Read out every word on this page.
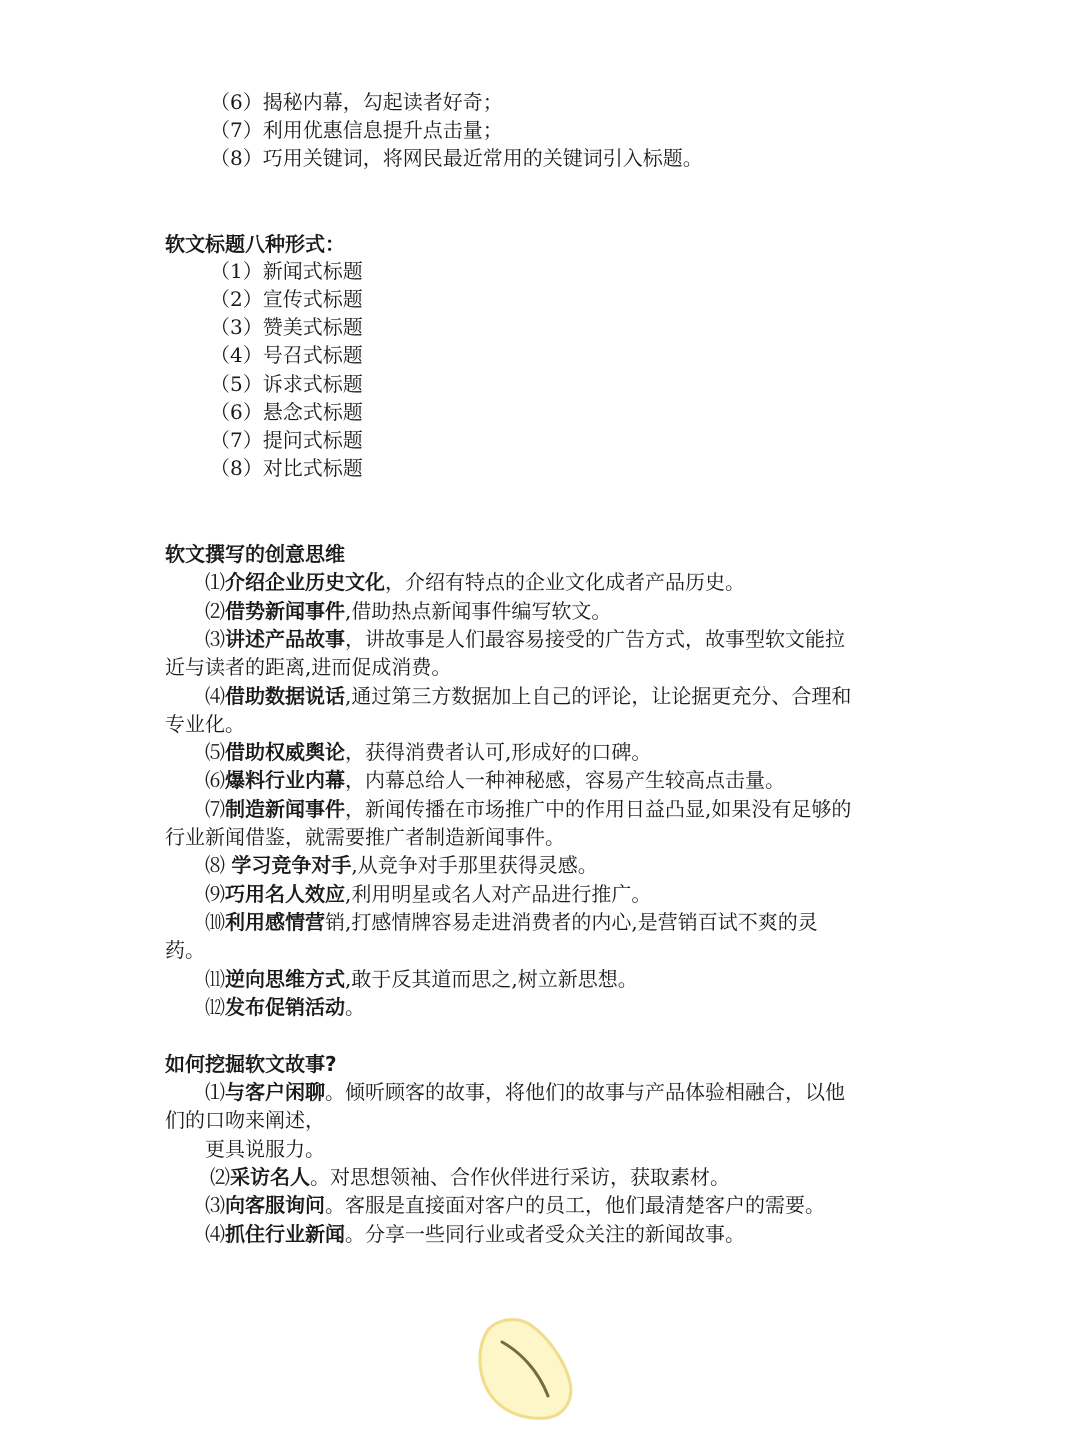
（6）揭秘内幕，勾起读者好奇；
（7）利用优惠信息提升点击量；
（8）巧用关键词，将网民最近常用的关键词引入标题。
软文标题八种形式：
（1）新闻式标题
（2）宣传式标题
（3）赞美式标题
（4）号召式标题
（5）诉求式标题
（6）悬念式标题
（7）提问式标题
（8）对比式标题
软文撰写的创意思维
⑴介绍企业历史文化，介绍有特点的企业文化成者产品历史。
⑵借势新闻事件,借助热点新闻事件编写软文。
⑶讲述产品故事，讲故事是人们最容易接受的广告方式，故事型软文能拉
近与读者的距离,进而促成消费。
⑷借助数据说话,通过第三方数据加上自己的评论，让论据更充分、合理和
专业化。
⑸借助权威舆论，获得消费者认可,形成好的口碑。
⑹爆料行业内幕，内幕总给人一种神秘感，容易产生较高点击量。
⑺制造新闻事件，新闻传播在市场推广中的作用日益凸显,如果没有足够的
行业新闻借鉴，就需要推广者制造新闻事件。
⑻ 学习竞争对手,从竞争对手那里获得灵感。
⑼巧用名人效应,利用明星或名人对产品进行推广。
⑽利用感情营销,打感情牌容易走进消费者的内心,是营销百试不爽的灵
药。
⑾逆向思维方式,敢于反其道而思之,树立新思想。
⑿发布促销活动。
如何挖掘软文故事?
⑴与客户闲聊。倾听顾客的故事，将他们的故事与产品体验相融合，以他
们的口吻来阐述，
更具说服力。
⑵采访名人。对思想领袖、合作伙伴进行采访，获取素材。
⑶向客服询问。客服是直接面对客户的员工，他们最清楚客户的需要。
⑷抓住行业新闻。分享一些同行业或者受众关注的新闻故事。
